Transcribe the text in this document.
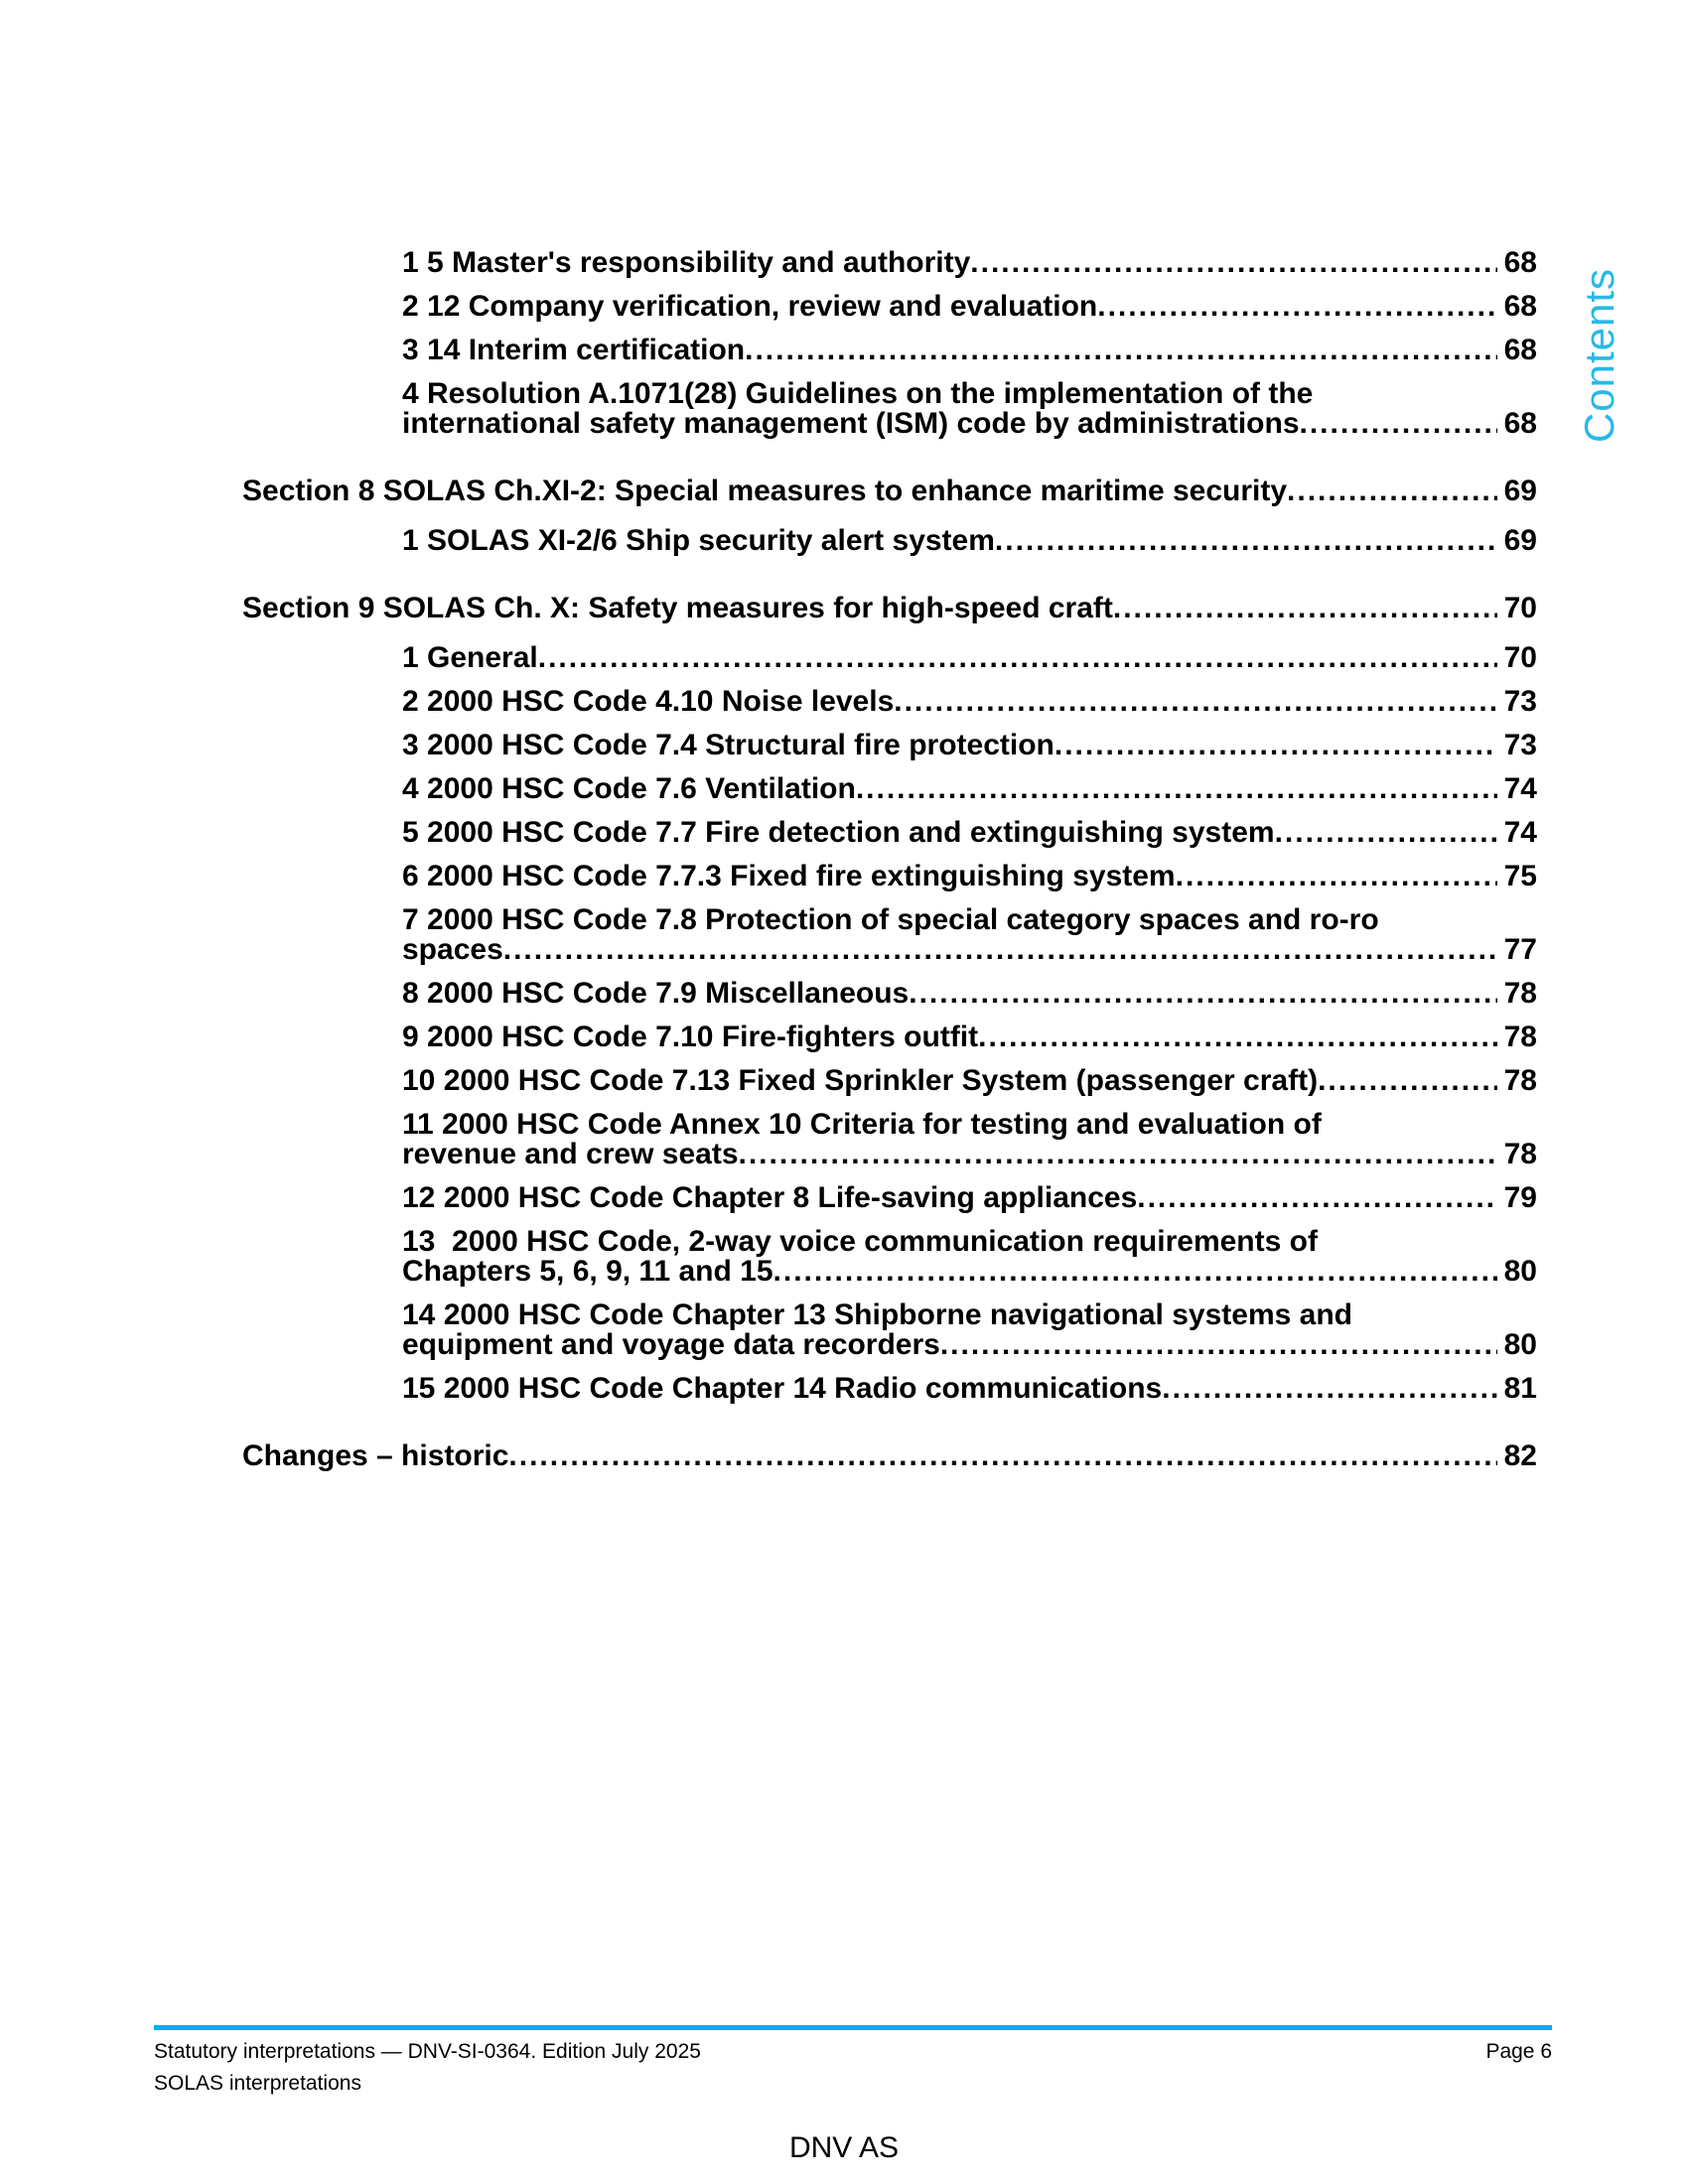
Contents
1 5 Master's responsibility and authority .....	68
2 12 Company verification, review and evaluation .....	68
3 14 Interim certification .....	68
4 Resolution A.1071(28) Guidelines on the implementation of the
international safety management (ISM) code by administrations .....	68
Section 8 SOLAS Ch.XI-2: Special measures to enhance maritime security .....	69
1 SOLAS XI-2/6 Ship security alert system .....	69
Section 9 SOLAS Ch. X: Safety measures for high-speed craft .....	70
1 General .....	70
2 2000 HSC Code 4.10 Noise levels .....	73
3 2000 HSC Code 7.4 Structural fire protection .....	73
4 2000 HSC Code 7.6 Ventilation .....	74
5 2000 HSC Code 7.7 Fire detection and extinguishing system .....	74
6 2000 HSC Code 7.7.3 Fixed fire extinguishing system .....	75
7 2000 HSC Code 7.8 Protection of special category spaces and ro-ro
spaces .....	77
8 2000 HSC Code 7.9 Miscellaneous .....	78
9 2000 HSC Code 7.10 Fire-fighters outfit .....	78
10 2000 HSC Code 7.13 Fixed Sprinkler System (passenger craft) .....	78
11 2000 HSC Code Annex 10 Criteria for testing and evaluation of
revenue and crew seats .....	78
12 2000 HSC Code Chapter 8 Life-saving appliances .....	79
13  2000 HSC Code, 2-way voice communication requirements of
Chapters 5, 6, 9, 11 and 15 .....	80
14 2000 HSC Code Chapter 13 Shipborne navigational systems and
equipment and voyage data recorders .....	80
15 2000 HSC Code Chapter 14 Radio communications .....	81
Changes – historic .....	82
Statutory interpretations — DNV-SI-0364. Edition July 2025	Page 6
SOLAS interpretations
DNV AS
